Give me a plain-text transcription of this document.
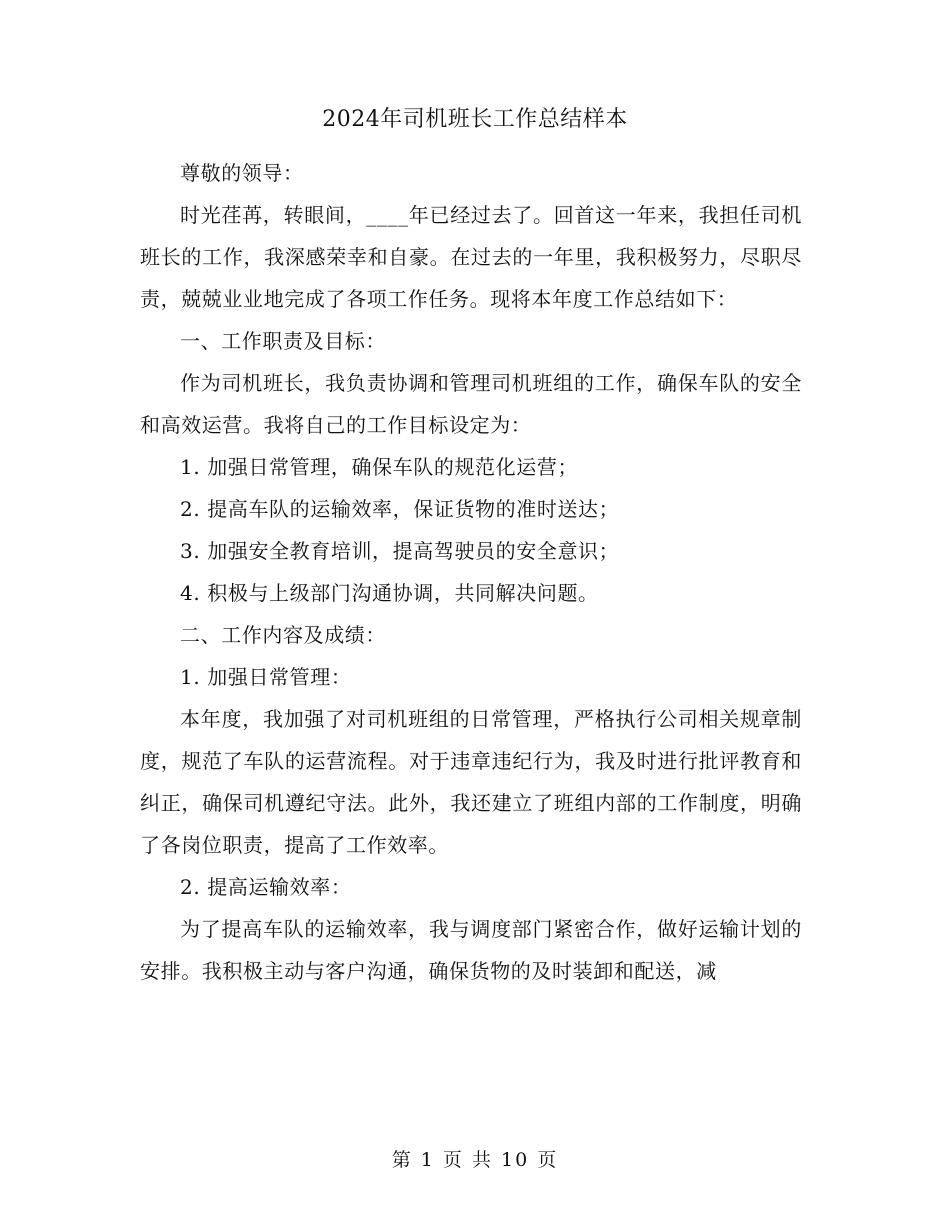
2024年司机班长工作总结样本

尊敬的领导：

时光荏苒，转眼间，____年已经过去了。回首这一年来，我担任司机班长的工作，我深感荣幸和自豪。在过去的一年里，我积极努力，尽职尽责，兢兢业业地完成了各项工作任务。现将本年度工作总结如下：

一、工作职责及目标：

作为司机班长，我负责协调和管理司机班组的工作，确保车队的安全和高效运营。我将自己的工作目标设定为：

1. 加强日常管理，确保车队的规范化运营；

2. 提高车队的运输效率，保证货物的准时送达；

3. 加强安全教育培训，提高驾驶员的安全意识；

4. 积极与上级部门沟通协调，共同解决问题。

二、工作内容及成绩：

1. 加强日常管理：

本年度，我加强了对司机班组的日常管理，严格执行公司相关规章制度，规范了车队的运营流程。对于违章违纪行为，我及时进行批评教育和纠正，确保司机遵纪守法。此外，我还建立了班组内部的工作制度，明确了各岗位职责，提高了工作效率。

2. 提高运输效率：

为了提高车队的运输效率，我与调度部门紧密合作，做好运输计划的安排。我积极主动与客户沟通，确保货物的及时装卸和配送，减

第 1 页 共 10 页
